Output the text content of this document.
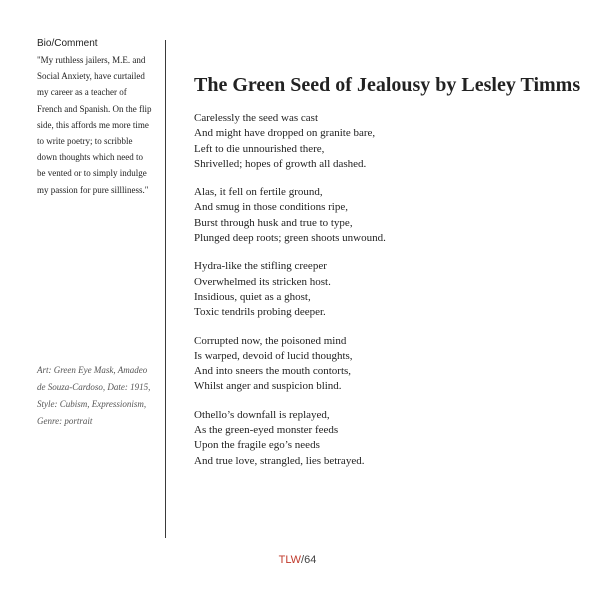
Bio/Comment
"My ruthless jailers, M.E. and
Social Anxiety, have curtailed
my career as a teacher of
French and Spanish. On the flip
side, this affords me more time
to write poetry; to scribble
down thoughts which need to
be vented or to simply indulge
my passion for pure sillliness."
Art: Green Eye Mask, Amadeo
de Souza-Cardoso, Date: 1915,
Style: Cubism, Expressionism,
Genre: portrait
The Green Seed of Jealousy by Lesley Timms
Carelessly the seed was cast
And might have dropped on granite bare,
Left to die unnourished there,
Shrivelled; hopes of growth all dashed.
Alas, it fell on fertile ground,
And smug in those conditions ripe,
Burst through husk and true to type,
Plunged deep roots; green shoots unwound.
Hydra-like the stifling creeper
Overwhelmed its stricken host.
Insidious, quiet as a ghost,
Toxic tendrils probing deeper.
Corrupted now, the poisoned mind
Is warped, devoid of lucid thoughts,
And into sneers the mouth contorts,
Whilst anger and suspicion blind.
Othello’s downfall is replayed,
As the green-eyed monster feeds
Upon the fragile ego’s needs
And true love, strangled, lies betrayed.
TLW/64
